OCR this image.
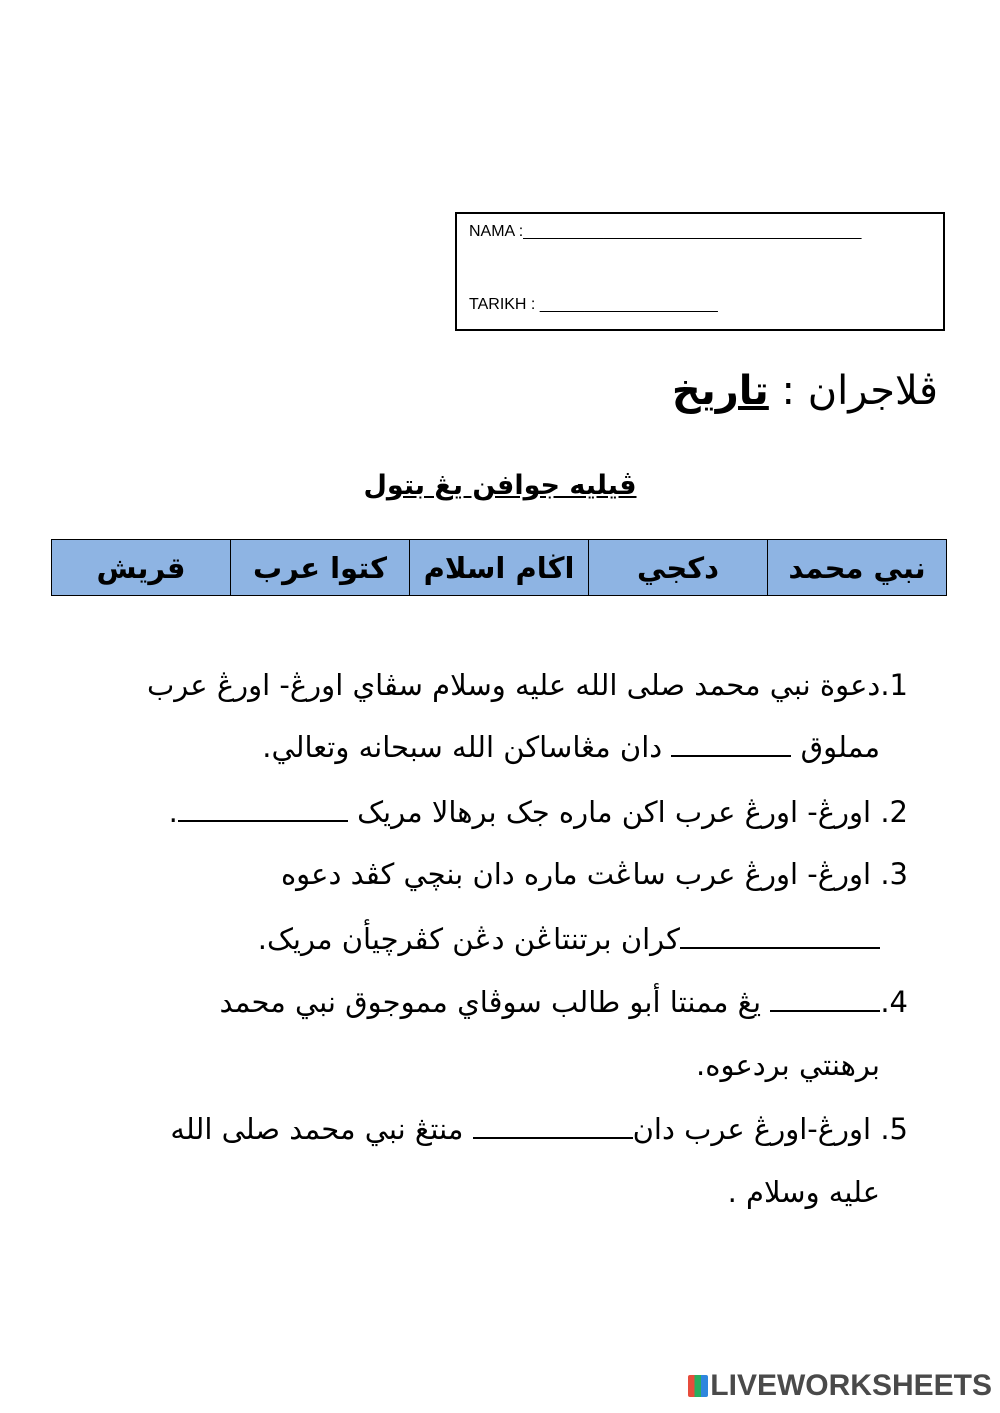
NAMA :______________________________________
TARIKH : ____________________
ڤلاجران : تاريخ
ڤيليه جوافن يڠ بتول
نبي محمد	دكجي	اڬام اسلام	كتوا عرب	قريش
1.دعوة نبي محمد صلى الله عليه وسلام سڤاي اورڠ- اورڠ عرب
مملوق  دان مڠاساكن الله سبحانه وتعالي.
2. اورڠ- اورڠ عرب اكن ماره جک برهالا مريک .
3. اورڠ- اورڠ عرب ساڠت ماره دان بنچي كڤد دعوه
كران برتنتاڠن دڠن كڤرچيأن مريک.
4. يڠ ممنتا أبو طالب سوڤاي مموجوق نبي محمد
برهنتي بردعوه.
5. اورڠ-اورڠ عرب دان منتڠ نبي محمد صلى الله
عليه وسلام .
LIVEWORKSHEETS
